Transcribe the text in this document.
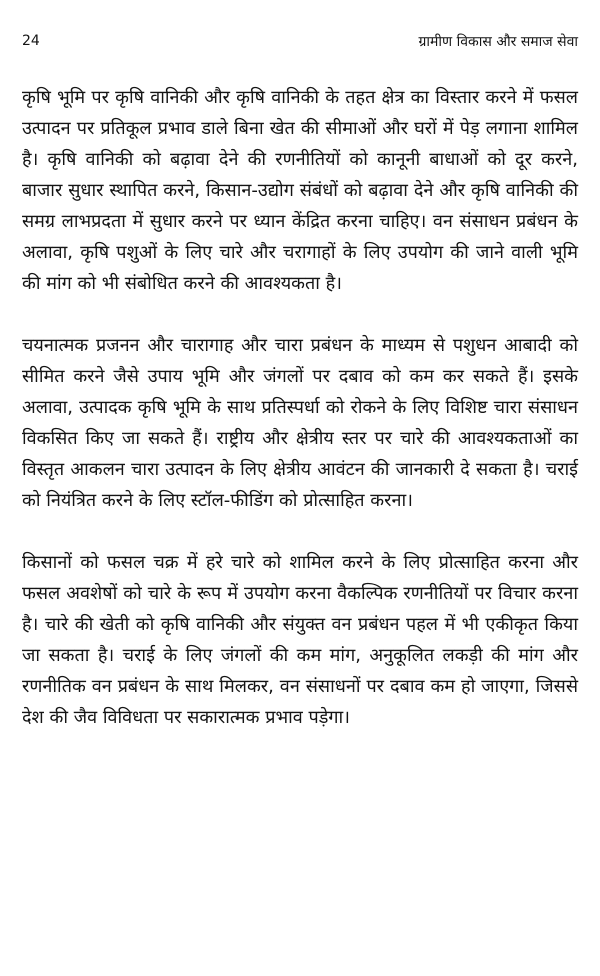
24	ग्रामीण विकास और समाज सेवा

कृषि भूमि पर कृषि वानिकी और कृषि वानिकी के तहत क्षेत्र का विस्तार करने में फसल उत्पादन पर प्रतिकूल प्रभाव डाले बिना खेत की सीमाओं और घरों में पेड़ लगाना शामिल है। कृषि वानिकी को बढ़ावा देने की रणनीतियों को कानूनी बाधाओं को दूर करने, बाजार सुधार स्थापित करने, किसान-उद्योग संबंधों को बढ़ावा देने और कृषि वानिकी की समग्र लाभप्रदता में सुधार करने पर ध्यान केंद्रित करना चाहिए। वन संसाधन प्रबंधन के अलावा, कृषि पशुओं के लिए चारे और चरागाहों के लिए उपयोग की जाने वाली भूमि की मांग को भी संबोधित करने की आवश्यकता है।

चयनात्मक प्रजनन और चारागाह और चारा प्रबंधन के माध्यम से पशुधन आबादी को सीमित करने जैसे उपाय भूमि और जंगलों पर दबाव को कम कर सकते हैं। इसके अलावा, उत्पादक कृषि भूमि के साथ प्रतिस्पर्धा को रोकने के लिए विशिष्ट चारा संसाधन विकसित किए जा सकते हैं। राष्ट्रीय और क्षेत्रीय स्तर पर चारे की आवश्यकताओं का विस्तृत आकलन चारा उत्पादन के लिए क्षेत्रीय आवंटन की जानकारी दे सकता है। चराई को नियंत्रित करने के लिए स्टॉल-फीडिंग को प्रोत्साहित करना।

किसानों को फसल चक्र में हरे चारे को शामिल करने के लिए प्रोत्साहित करना और फसल अवशेषों को चारे के रूप में उपयोग करना वैकल्पिक रणनीतियों पर विचार करना है। चारे की खेती को कृषि वानिकी और संयुक्त वन प्रबंधन पहल में भी एकीकृत किया जा सकता है। चराई के लिए जंगलों की कम मांग, अनुकूलित लकड़ी की मांग और रणनीतिक वन प्रबंधन के साथ मिलकर, वन संसाधनों पर दबाव कम हो जाएगा, जिससे देश की जैव विविधता पर सकारात्मक प्रभाव पड़ेगा।
